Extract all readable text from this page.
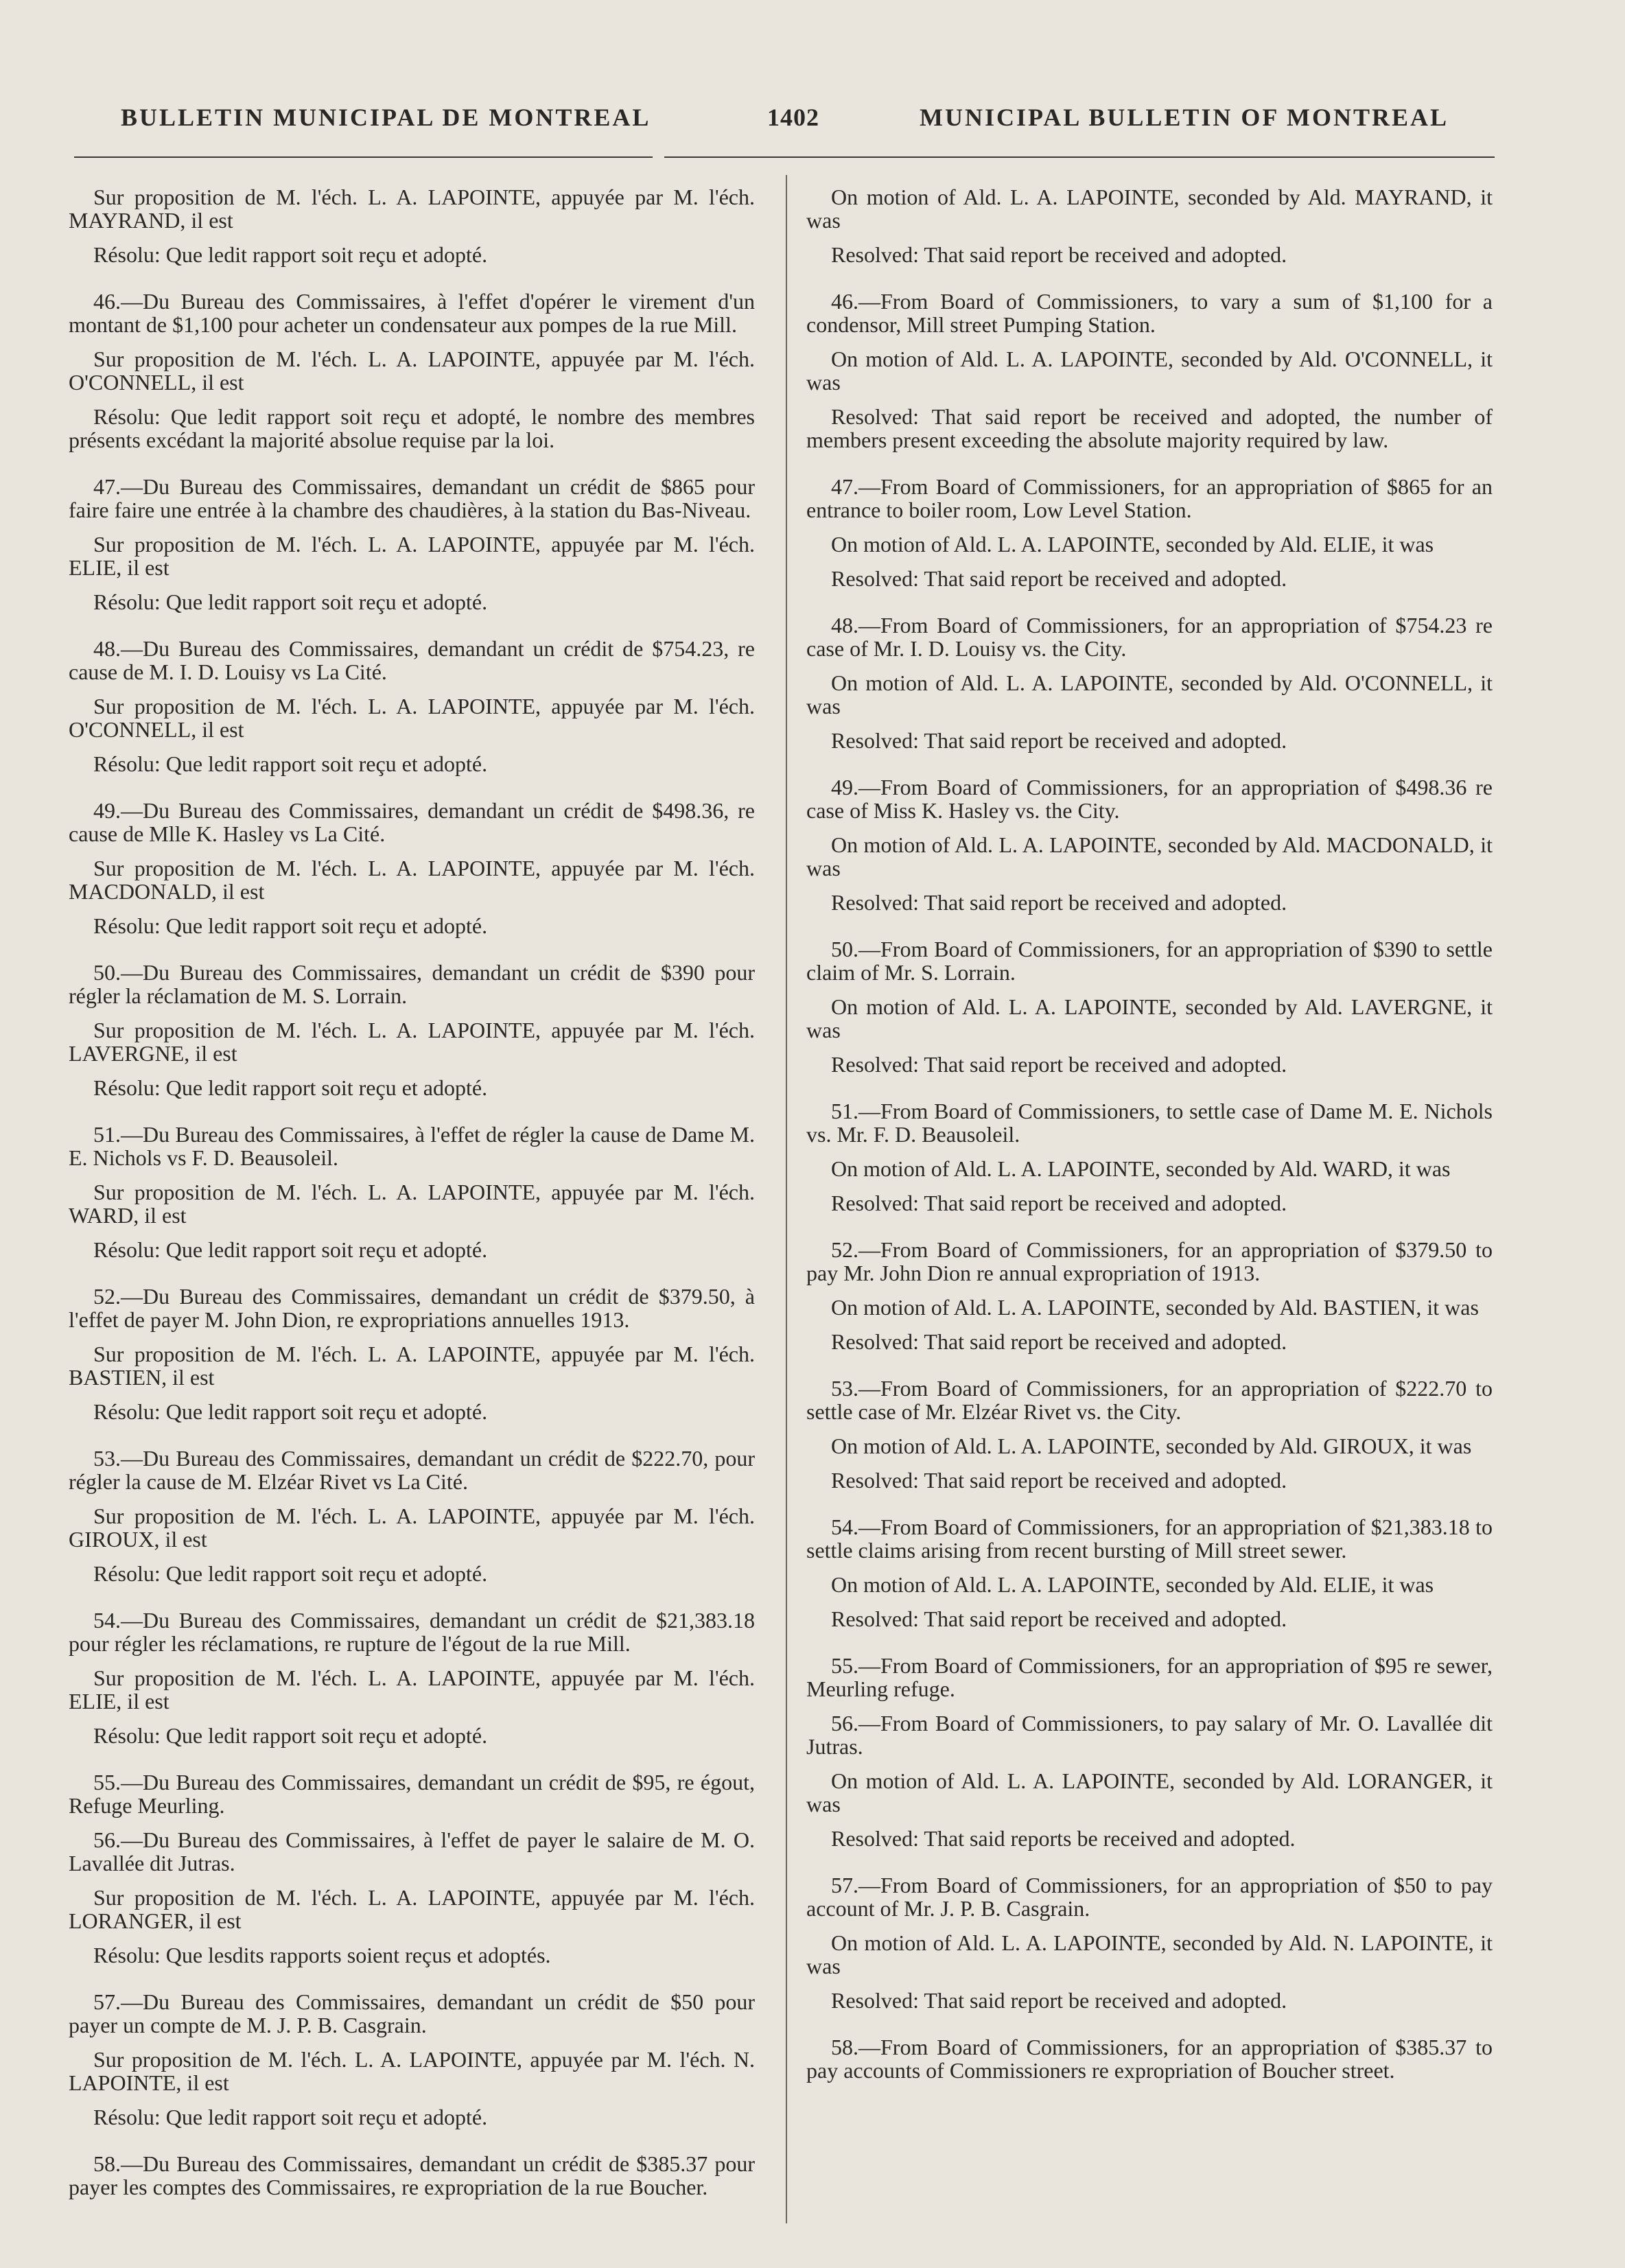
BULLETIN MUNICIPAL DE MONTREAL	1402	MUNICIPAL BULLETIN OF MONTREAL

Sur proposition de M. l'éch. L. A. LAPOINTE, appuyée par M. l'éch. MAYRAND, il est

Résolu: Que ledit rapport soit reçu et adopté.

46.—Du Bureau des Commissaires, à l'effet d'opérer le virement d'un montant de $1,100 pour acheter un condensateur aux pompes de la rue Mill.

Sur proposition de M. l'éch. L. A. LAPOINTE, appuyée par M. l'éch. O'CONNELL, il est

Résolu: Que ledit rapport soit reçu et adopté, le nombre des membres présents excédant la majorité absolue requise par la loi.

47.—Du Bureau des Commissaires, demandant un crédit de $865 pour faire faire une entrée à la chambre des chaudières, à la station du Bas-Niveau.

Sur proposition de M. l'éch. L. A. LAPOINTE, appuyée par M. l'éch. ELIE, il est

Résolu: Que ledit rapport soit reçu et adopté.

48.—Du Bureau des Commissaires, demandant un crédit de $754.23, re cause de M. I. D. Louisy vs La Cité.

Sur proposition de M. l'éch. L. A. LAPOINTE, appuyée par M. l'éch. O'CONNELL, il est

Résolu: Que ledit rapport soit reçu et adopté.

49.—Du Bureau des Commissaires, demandant un crédit de $498.36, re cause de Mlle K. Hasley vs La Cité.

Sur proposition de M. l'éch. L. A. LAPOINTE, appuyée par M. l'éch. MACDONALD, il est

Résolu: Que ledit rapport soit reçu et adopté.

50.—Du Bureau des Commissaires, demandant un crédit de $390 pour régler la réclamation de M. S. Lorrain.

Sur proposition de M. l'éch. L. A. LAPOINTE, appuyée par M. l'éch. LAVERGNE, il est

Résolu: Que ledit rapport soit reçu et adopté.

51.—Du Bureau des Commissaires, à l'effet de régler la cause de Dame M. E. Nichols vs F. D. Beausoleil.

Sur proposition de M. l'éch. L. A. LAPOINTE, appuyée par M. l'éch. WARD, il est

Résolu: Que ledit rapport soit reçu et adopté.

52.—Du Bureau des Commissaires, demandant un crédit de $379.50, à l'effet de payer M. John Dion, re expropriations annuelles 1913.

Sur proposition de M. l'éch. L. A. LAPOINTE, appuyée par M. l'éch. BASTIEN, il est

Résolu: Que ledit rapport soit reçu et adopté.

53.—Du Bureau des Commissaires, demandant un crédit de $222.70, pour régler la cause de M. Elzéar Rivet vs La Cité.

Sur proposition de M. l'éch. L. A. LAPOINTE, appuyée par M. l'éch. GIROUX, il est

Résolu: Que ledit rapport soit reçu et adopté.

54.—Du Bureau des Commissaires, demandant un crédit de $21,383.18 pour régler les réclamations, re rupture de l'égout de la rue Mill.

Sur proposition de M. l'éch. L. A. LAPOINTE, appuyée par M. l'éch. ELIE, il est

Résolu: Que ledit rapport soit reçu et adopté.

55.—Du Bureau des Commissaires, demandant un crédit de $95, re égout, Refuge Meurling.

56.—Du Bureau des Commissaires, à l'effet de payer le salaire de M. O. Lavallée dit Jutras.

Sur proposition de M. l'éch. L. A. LAPOINTE, appuyée par M. l'éch. LORANGER, il est

Résolu: Que lesdits rapports soient reçus et adoptés.

57.—Du Bureau des Commissaires, demandant un crédit de $50 pour payer un compte de M. J. P. B. Casgrain.

Sur proposition de M. l'éch. L. A. LAPOINTE, appuyée par M. l'éch. N. LAPOINTE, il est

Résolu: Que ledit rapport soit reçu et adopté.

58.—Du Bureau des Commissaires, demandant un crédit de $385.37 pour payer les comptes des Commissaires, re expropriation de la rue Boucher.

On motion of Ald. L. A. LAPOINTE, seconded by Ald. MAYRAND, it was

Resolved: That said report be received and adopted.

46.—From Board of Commissioners, to vary a sum of $1,100 for a condensor, Mill street Pumping Station.

On motion of Ald. L. A. LAPOINTE, seconded by Ald. O'CONNELL, it was

Resolved: That said report be received and adopted, the number of members present exceeding the absolute majority required by law.

47.—From Board of Commissioners, for an appropriation of $865 for an entrance to boiler room, Low Level Station.

On motion of Ald. L. A. LAPOINTE, seconded by Ald. ELIE, it was

Resolved: That said report be received and adopted.

48.—From Board of Commissioners, for an appropriation of $754.23 re case of Mr. I. D. Louisy vs. the City.

On motion of Ald. L. A. LAPOINTE, seconded by Ald. O'CONNELL, it was

Resolved: That said report be received and adopted.

49.—From Board of Commissioners, for an appropriation of $498.36 re case of Miss K. Hasley vs. the City.

On motion of Ald. L. A. LAPOINTE, seconded by Ald. MACDONALD, it was

Resolved: That said report be received and adopted.

50.—From Board of Commissioners, for an appropriation of $390 to settle claim of Mr. S. Lorrain.

On motion of Ald. L. A. LAPOINTE, seconded by Ald. LAVERGNE, it was

Resolved: That said report be received and adopted.

51.—From Board of Commissioners, to settle case of Dame M. E. Nichols vs. Mr. F. D. Beausoleil.

On motion of Ald. L. A. LAPOINTE, seconded by Ald. WARD, it was

Resolved: That said report be received and adopted.

52.—From Board of Commissioners, for an appropriation of $379.50 to pay Mr. John Dion re annual expropriation of 1913.

On motion of Ald. L. A. LAPOINTE, seconded by Ald. BASTIEN, it was

Resolved: That said report be received and adopted.

53.—From Board of Commissioners, for an appropriation of $222.70 to settle case of Mr. Elzéar Rivet vs. the City.

On motion of Ald. L. A. LAPOINTE, seconded by Ald. GIROUX, it was

Resolved: That said report be received and adopted.

54.—From Board of Commissioners, for an appropriation of $21,383.18 to settle claims arising from recent bursting of Mill street sewer.

On motion of Ald. L. A. LAPOINTE, seconded by Ald. ELIE, it was

Resolved: That said report be received and adopted.

55.—From Board of Commissioners, for an appropriation of $95 re sewer, Meurling refuge.

56.—From Board of Commissioners, to pay salary of Mr. O. Lavallée dit Jutras.

On motion of Ald. L. A. LAPOINTE, seconded by Ald. LORANGER, it was

Resolved: That said reports be received and adopted.

57.—From Board of Commissioners, for an appropriation of $50 to pay account of Mr. J. P. B. Casgrain.

On motion of Ald. L. A. LAPOINTE, seconded by Ald. N. LAPOINTE, it was

Resolved: That said report be received and adopted.

58.—From Board of Commissioners, for an appropriation of $385.37 to pay accounts of Commissioners re expropriation of Boucher street.
